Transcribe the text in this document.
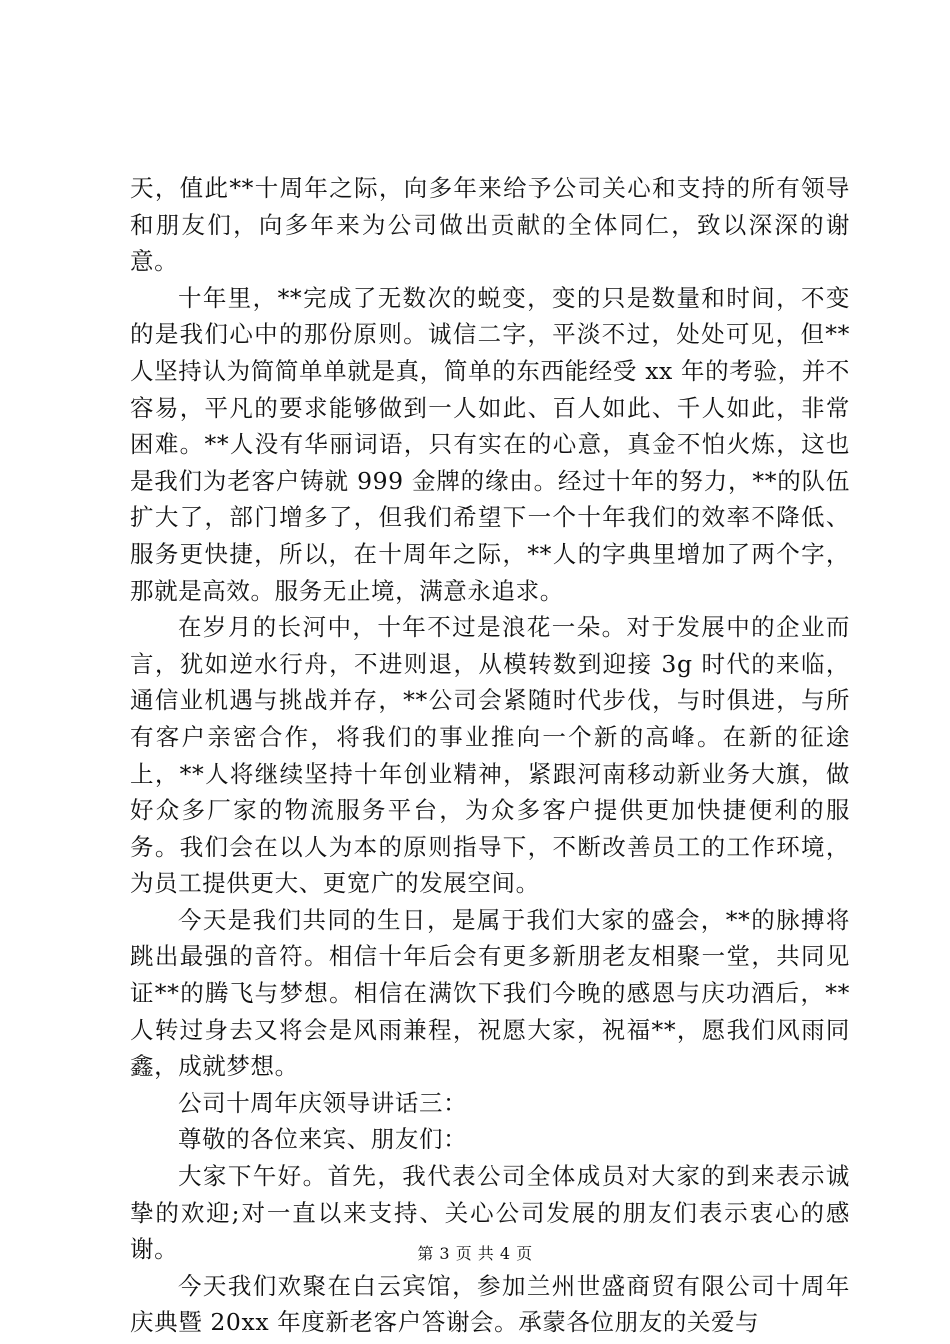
天，值此**十周年之际，向多年来给予公司关心和支持的所有领导和朋友们，向多年来为公司做出贡献的全体同仁，致以深深的谢意。

十年里，**完成了无数次的蜕变，变的只是数量和时间，不变的是我们心中的那份原则。诚信二字，平淡不过，处处可见，但**人坚持认为简简单单就是真，简单的东西能经受 xx 年的考验，并不容易，平凡的要求能够做到一人如此、百人如此、千人如此，非常困难。**人没有华丽词语，只有实在的心意，真金不怕火炼，这也是我们为老客户铸就 999 金牌的缘由。经过十年的努力，**的队伍扩大了，部门增多了，但我们希望下一个十年我们的效率不降低、服务更快捷，所以，在十周年之际，**人的字典里增加了两个字，那就是高效。服务无止境，满意永追求。

在岁月的长河中，十年不过是浪花一朵。对于发展中的企业而言，犹如逆水行舟，不进则退，从模转数到迎接 3g 时代的来临，通信业机遇与挑战并存，**公司会紧随时代步伐，与时俱进，与所有客户亲密合作，将我们的事业推向一个新的高峰。在新的征途上，**人将继续坚持十年创业精神，紧跟河南移动新业务大旗，做好众多厂家的物流服务平台，为众多客户提供更加快捷便利的服务。我们会在以人为本的原则指导下，不断改善员工的工作环境，为员工提供更大、更宽广的发展空间。

今天是我们共同的生日，是属于我们大家的盛会，**的脉搏将跳出最强的音符。相信十年后会有更多新朋老友相聚一堂，共同见证**的腾飞与梦想。相信在满饮下我们今晚的感恩与庆功酒后，**人转过身去又将会是风雨兼程，祝愿大家，祝福**，愿我们风雨同鑫，成就梦想。

公司十周年庆领导讲话三：

尊敬的各位来宾、朋友们：

大家下午好。首先，我代表公司全体成员对大家的到来表示诚挚的欢迎;对一直以来支持、关心公司发展的朋友们表示衷心的感谢。

今天我们欢聚在白云宾馆，参加兰州世盛商贸有限公司十周年庆典暨 20xx 年度新老客户答谢会。承蒙各位朋友的关爱与

第 3 页 共 4 页
